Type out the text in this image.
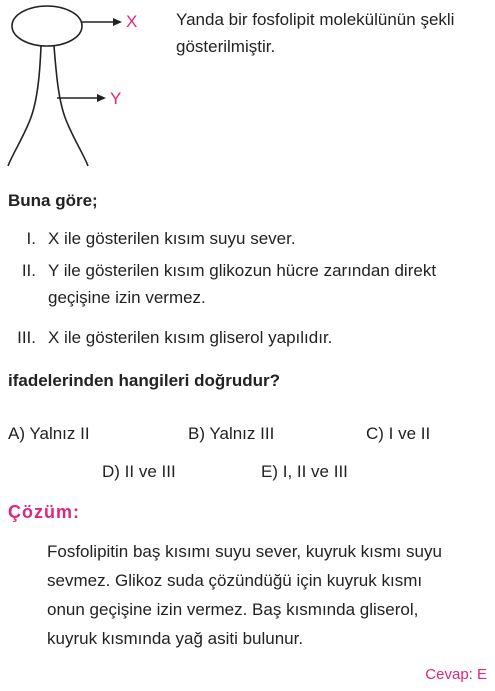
X
Y
Yanda bir fosfolipit molekülünün şekli
gösterilmiştir.
Buna göre;
I. X ile gösterilen kısım suyu sever.
II. Y ile gösterilen kısım glikozun hücre zarından direkt
geçişine izin vermez.
III. X ile gösterilen kısım gliserol yapılıdır.
ifadelerinden hangileri doğrudur?
A) Yalnız II	B) Yalnız III	C) I ve II
D) II ve III	E) I, II ve III
Çözüm:
Fosfolipitin baş kısımı suyu sever, kuyruk kısmı suyu
sevmez. Glikoz suda çözündüğü için kuyruk kısmı
onun geçişine izin vermez. Baş kısmında gliserol,
kuyruk kısmında yağ asiti bulunur.
Cevap: E
